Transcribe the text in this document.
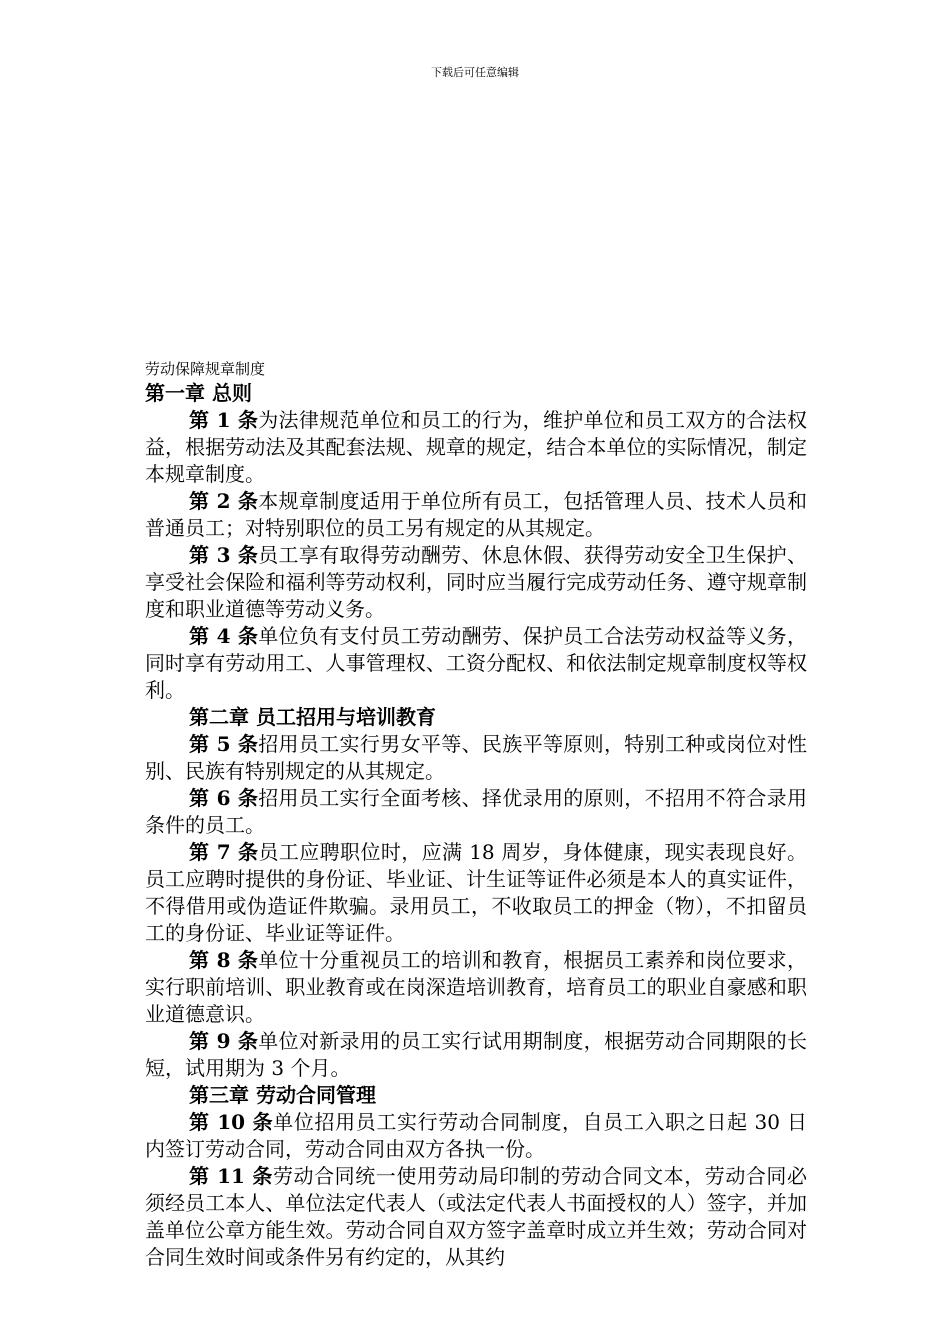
下载后可任意编辑
劳动保障规章制度
第一章 总则

第 1 条为法律规范单位和员工的行为，维护单位和员工双方的合法权益，根据劳动法及其配套法规、规章的规定，结合本单位的实际情况，制定本规章制度。

第 2 条本规章制度适用于单位所有员工，包括管理人员、技术人员和普通员工；对特别职位的员工另有规定的从其规定。

第 3 条员工享有取得劳动酬劳、休息休假、获得劳动安全卫生保护、享受社会保险和福利等劳动权利，同时应当履行完成劳动任务、遵守规章制度和职业道德等劳动义务。

第 4 条单位负有支付员工劳动酬劳、保护员工合法劳动权益等义务，同时享有劳动用工、人事管理权、工资分配权、和依法制定规章制度权等权利。

第二章 员工招用与培训教育

第 5 条招用员工实行男女平等、民族平等原则，特别工种或岗位对性别、民族有特别规定的从其规定。

第 6 条招用员工实行全面考核、择优录用的原则，不招用不符合录用条件的员工。

第 7 条员工应聘职位时，应满 18 周岁，身体健康，现实表现良好。员工应聘时提供的身份证、毕业证、计生证等证件必须是本人的真实证件，不得借用或伪造证件欺骗。录用员工，不收取员工的押金（物），不扣留员工的身份证、毕业证等证件。

第 8 条单位十分重视员工的培训和教育，根据员工素养和岗位要求，实行职前培训、职业教育或在岗深造培训教育，培育员工的职业自豪感和职业道德意识。

第 9 条单位对新录用的员工实行试用期制度，根据劳动合同期限的长短，试用期为 3 个月。

第三章 劳动合同管理

第 10 条单位招用员工实行劳动合同制度，自员工入职之日起 30 日内签订劳动合同，劳动合同由双方各执一份。

第 11 条劳动合同统一使用劳动局印制的劳动合同文本，劳动合同必须经员工本人、单位法定代表人（或法定代表人书面授权的人）签字，并加盖单位公章方能生效。劳动合同自双方签字盖章时成立并生效；劳动合同对合同生效时间或条件另有约定的，从其约
